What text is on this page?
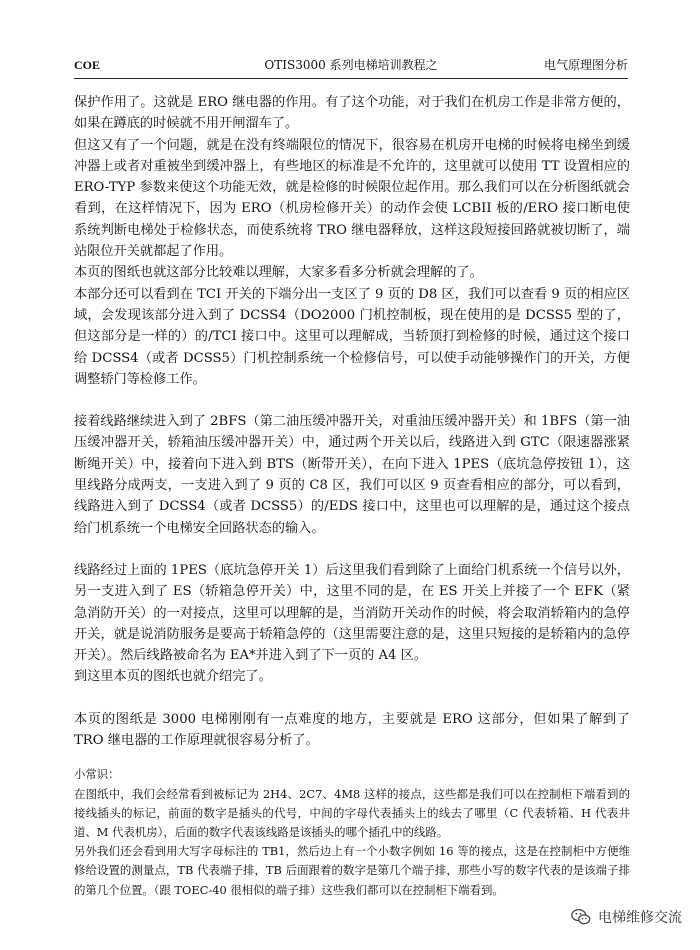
COE	OTIS3000 系列电梯培训教程之	电气原理图分析

保护作用了。这就是 ERO 继电器的作用。有了这个功能，对于我们在机房工作是非常方便的，如果在蹲底的时候就不用开闸溜车了。

但这又有了一个问题，就是在没有终端限位的情况下，很容易在机房开电梯的时候将电梯坐到缓冲器上或者对重被坐到缓冲器上，有些地区的标准是不允许的，这里就可以使用 TT 设置相应的 ERO-TYP 参数来使这个功能无效，就是检修的时候限位起作用。那么我们可以在分析图纸就会看到，在这样情况下，因为 ERO（机房检修开关）的动作会使 LCBII 板的/ERO 接口断电使系统判断电梯处于检修状态，而使系统将 TRO 继电器释放，这样这段短接回路就被切断了，端站限位开关就都起了作用。

本页的图纸也就这部分比较难以理解，大家多看多分析就会理解的了。

本部分还可以看到在 TCI 开关的下端分出一支区了 9 页的 D8 区，我们可以查看 9 页的相应区域，会发现该部分进入到了 DCSS4（DO2000 门机控制板，现在使用的是 DCSS5 型的了，但这部分是一样的）的/TCI 接口中。这里可以理解成，当轿顶打到检修的时候，通过这个接口给 DCSS4（或者 DCSS5）门机控制系统一个检修信号，可以使手动能够操作门的开关，方便调整轿门等检修工作。

接着线路继续进入到了 2BFS（第二油压缓冲器开关，对重油压缓冲器开关）和 1BFS（第一油压缓冲器开关，轿箱油压缓冲器开关）中，通过两个开关以后，线路进入到 GTC（限速器涨紧断绳开关）中，接着向下进入到 BTS（断带开关），在向下进入 1PES（底坑急停按钮 1），这里线路分成两支，一支进入到了 9 页的 C8 区，我们可以区 9 页查看相应的部分，可以看到，线路进入到了 DCSS4（或者 DCSS5）的/EDS 接口中，这里也可以理解的是，通过这个接点给门机系统一个电梯安全回路状态的输入。

线路经过上面的 1PES（底坑急停开关 1）后这里我们看到除了上面给门机系统一个信号以外，另一支进入到了 ES（轿箱急停开关）中，这里不同的是，在 ES 开关上并接了一个 EFK（紧急消防开关）的一对接点，这里可以理解的是，当消防开关动作的时候，将会取消轿箱内的急停开关，就是说消防服务是要高于轿箱急停的（这里需要注意的是，这里只短接的是轿箱内的急停开关）。然后线路被命名为 EA*并进入到了下一页的 A4 区。

到这里本页的图纸也就介绍完了。

本页的图纸是 3000 电梯刚刚有一点难度的地方，主要就是 ERO 这部分，但如果了解到了 TRO 继电器的工作原理就很容易分析了。

小常识：

在图纸中，我们会经常看到被标记为 2H4、2C7、4M8 这样的接点，这些都是我们可以在控制柜下端看到的接线插头的标记，前面的数字是插头的代号，中间的字母代表插头上的线去了哪里（C 代表轿箱、H 代表井道、M 代表机房），后面的数字代表该线路是该插头的哪个插孔中的线路。

另外我们还会看到用大写字母标注的 TB1，然后边上有一个小数字例如 16 等的接点，这是在控制柜中方便维修给设置的测量点，TB 代表端子排，TB 后面跟着的数字是第几个端子排，那些小写的数字代表的是该端子排的第几个位置。（跟 TOEC-40 很相似的端子排）这些我们都可以在控制柜下端看到。

电梯维修交流
